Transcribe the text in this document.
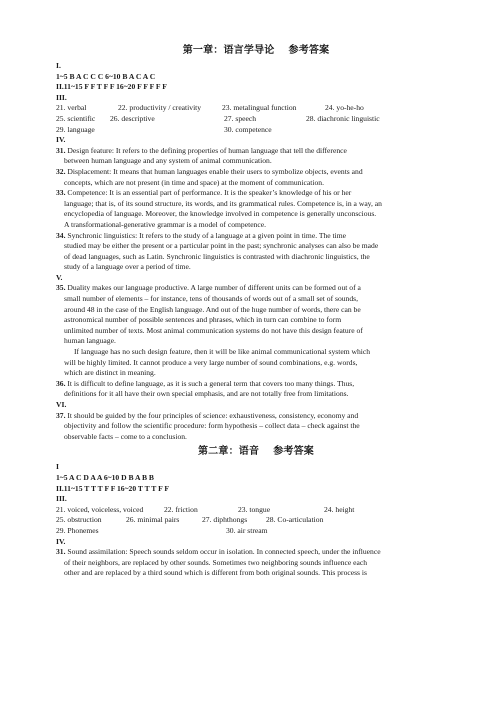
第一章：语言学导论 参考答案
I.
1~5 B A C C C 6~10 B A C A C
II.11~15 F F T F F 16~20 F F F F F
III.
21. verbal	22. productivity / creativity	23. metalingual function	24. yo-he-ho
25. scientific	26. descriptive	27. speech	28. diachronic linguistic
29. language	30. competence
IV.
31. Design feature: It refers to the defining properties of human language that tell the difference
between human language and any system of animal communication.
32. Displacement: It means that human languages enable their users to symbolize objects, events and
concepts, which are not present (in time and space) at the moment of communication.
33. Competence: It is an essential part of performance. It is the speaker’s knowledge of his or her
language; that is, of its sound structure, its words, and its grammatical rules. Competence is, in a way, an
encyclopedia of language. Moreover, the knowledge involved in competence is generally unconscious.
A transformational-generative grammar is a model of competence.
34. Synchronic linguistics: It refers to the study of a language at a given point in time. The time
studied may be either the present or a particular point in the past; synchronic analyses can also be made
of dead languages, such as Latin. Synchronic linguistics is contrasted with diachronic linguistics, the
study of a language over a period of time.
V.
35. Duality makes our language productive. A large number of different units can be formed out of a
small number of elements – for instance, tens of thousands of words out of a small set of sounds,
around 48 in the case of the English language. And out of the huge number of words, there can be
astronomical number of possible sentences and phrases, which in turn can combine to form
unlimited number of texts. Most animal communication systems do not have this design feature of
human language.
If language has no such design feature, then it will be like animal communicational system which
will be highly limited. It cannot produce a very large number of sound combinations, e.g. words,
which are distinct in meaning.
36. It is difficult to define language, as it is such a general term that covers too many things. Thus,
definitions for it all have their own special emphasis, and are not totally free from limitations.
VI.
37. It should be guided by the four principles of science: exhaustiveness, consistency, economy and
objectivity and follow the scientific procedure: form hypothesis – collect data – check against the
observable facts – come to a conclusion.
第二章：语音 参考答案
I
1~5 A C D A A 6~10 D B A B B
II.11~15 T T T F F 16~20 T T T F F
III.
21. voiced, voiceless, voiced	22. friction	23. tongue	24. height
25. obstruction	26. minimal pairs	27. diphthongs	28. Co-articulation
29. Phonemes	30. air stream
IV.
31. Sound assimilation: Speech sounds seldom occur in isolation. In connected speech, under the influence
of their neighbors, are replaced by other sounds. Sometimes two neighboring sounds influence each
other and are replaced by a third sound which is different from both original sounds. This process is
